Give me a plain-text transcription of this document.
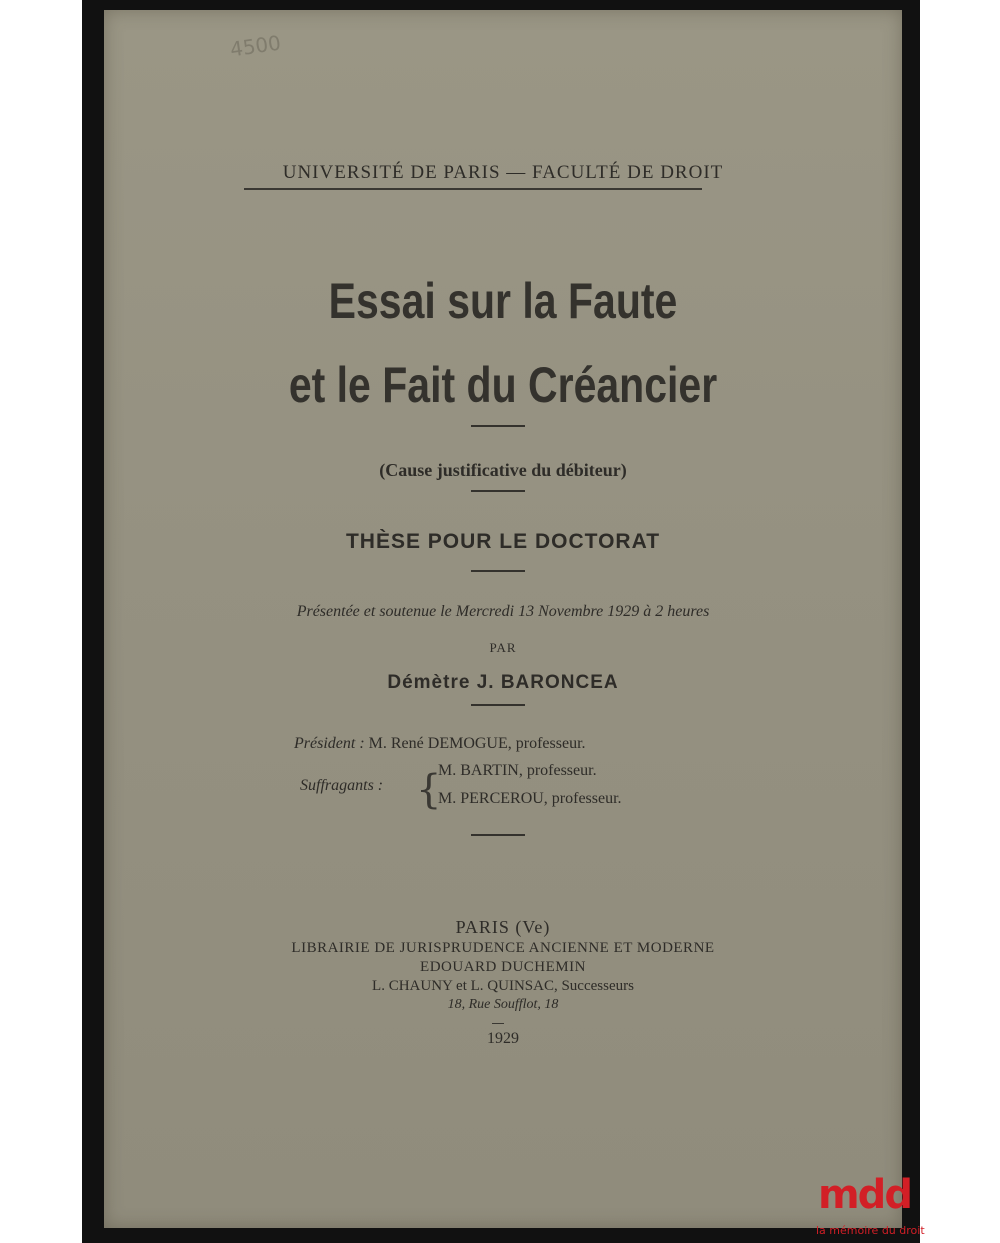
4500

UNIVERSITÉ DE PARIS — FACULTÉ DE DROIT

Essai sur la Faute

et le Fait du Créancier

(Cause justificative du débiteur)

THÈSE POUR LE DOCTORAT

Présentée et soutenue le Mercredi 13 Novembre 1929 à 2 heures

PAR

Démètre J. BARONCEA

Président : M. René DEMOGUE, professeur.

Suffragants : {

M. BARTIN, professeur.

M. PERCEROU, professeur.

PARIS (Ve)

LIBRAIRIE DE JURISPRUDENCE ANCIENNE ET MODERNE

EDOUARD DUCHEMIN

L. CHAUNY et L. QUINSAC, Successeurs

18, Rue Soufflot, 18

1929

mdd

la mémoire du droit
